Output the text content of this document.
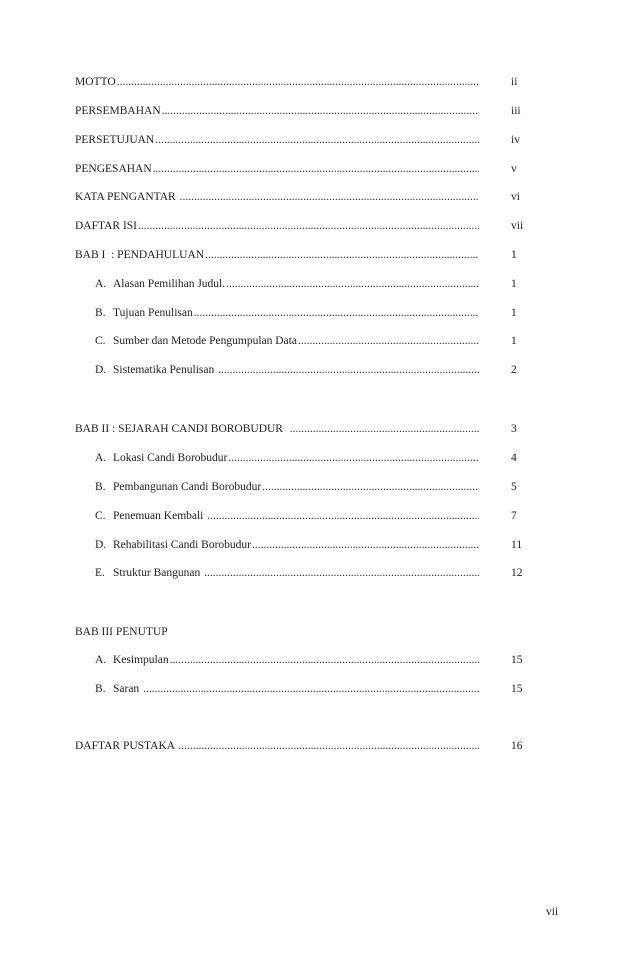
MOTTO .....	ii
PERSEMBAHAN .....	iii
PERSETUJUAN .....	iv
PENGESAHAN .....	v
KATA PENGANTAR .....	vi
DAFTAR ISI .....	vii
BAB I  : PENDAHULUAN .....	1
A. Alasan Pemilihan Judul. .....	1
B. Tujuan Penulisan .....	1
C. Sumber dan Metode Pengumpulan Data .....	1
D. Sistematika Penulisan .....	2
BAB II : SEJARAH CANDI BOROBUDUR .....	3
A. Lokasi Candi Borobudur .....	4
B. Pembangunan Candi Borobudur .....	5
C. Penemuan Kembali .....	7
D. Rehabilitasi Candi Borobudur .....	11
E. Struktur Bangunan .....	12
BAB III PENUTUP
A. Kesimpulan .....	15
B. Saran .....	15
DAFTAR PUSTAKA .....	16
vii
